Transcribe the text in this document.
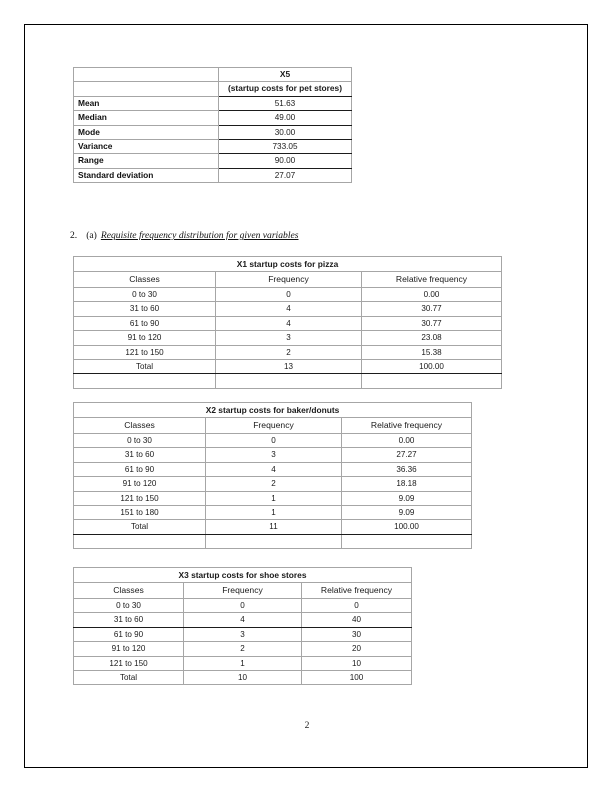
	X5
	(startup costs for pet stores)
Mean	51.63
Median	49.00
Mode	30.00
Variance	733.05
Range	90.00
Standard deviation	27.07
2. (a) Requisite frequency distribution for given variables
X1 startup costs for pizza		
Classes	Frequency	Relative frequency
0 to 30	0	0.00
31 to 60	4	30.77
61 to 90	4	30.77
91 to 120	3	23.08
121 to 150	2	15.38
Total	13	100.00

X2 startup costs for baker/donuts		
Classes	Frequency	Relative frequency
0 to 30	0	0.00
31 to 60	3	27.27
61 to 90	4	36.36
91 to 120	2	18.18
121 to 150	1	9.09
151 to 180	1	9.09
Total	11	100.00

X3 startup costs for shoe stores		
Classes	Frequency	Relative frequency
0 to 30	0	0
31 to 60	4	40
61 to 90	3	30
91 to 120	2	20
121 to 150	1	10
Total	10	100
2
